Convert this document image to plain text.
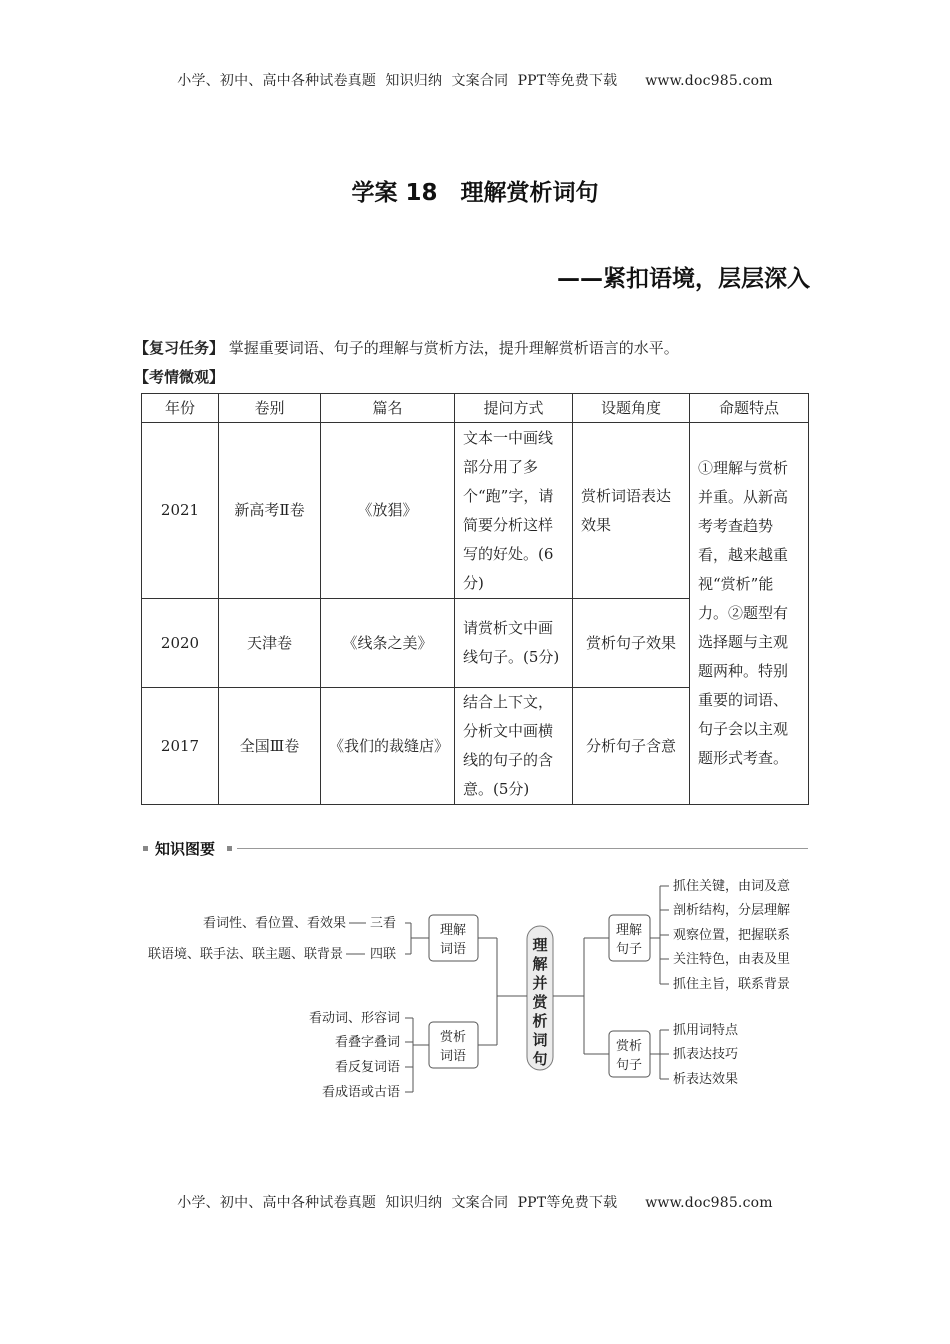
小学、初中、高中各种试卷真题  知识归纳  文案合同  PPT等免费下载      www.doc985.com
学案 18　理解赏析词句
——紧扣语境，层层深入
【复习任务】 掌握重要词语、句子的理解与赏析方法，提升理解赏析语言的水平。
【考情微观】
年份	卷别	篇名	提问方式	设题角度	命题特点
2021	新高考Ⅱ卷	《放猖》	文本一中画线部分用了多个“跑”字，请简要分析这样写的好处。(6分)	赏析词语表达效果	①理解与赏析并重。从新高考考查趋势看，越来越重视“赏析”能力。②题型有选择题与主观题两种。特别重要的词语、句子会以主观题形式考查。
2020	天津卷	《线条之美》	请赏析文中画线句子。(5分)	赏析句子效果	
2017	全国Ⅲ卷	《我们的裁缝店》	结合上下文，分析文中画横线的句子的含意。(5分)	分析句子含意	
知识图要
理
解
并
赏
析
词
句
理解
词语
赏析
词语
理解
句子
赏析
句子
看词性、看位置、看效果 三看
联语境、联手法、联主题、联背景 四联
看动词、形容词
看叠字叠词
看反复词语
看成语或古语
抓住关键，由词及意
剖析结构，分层理解
观察位置，把握联系
关注特色，由表及里
抓住主旨，联系背景
抓用词特点
抓表达技巧
析表达效果
小学、初中、高中各种试卷真题  知识归纳  文案合同  PPT等免费下载      www.doc985.com
